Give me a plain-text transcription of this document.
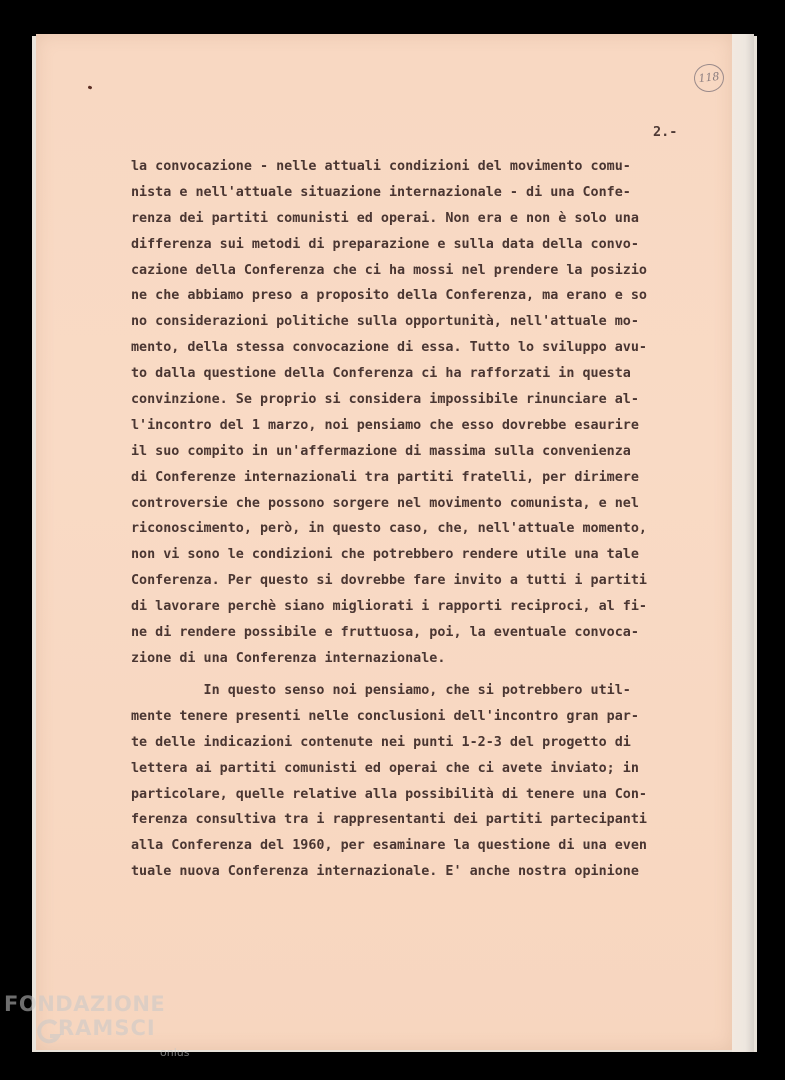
118
2.-
la convocazione - nelle attuali condizioni del movimento comu-
nista e nell'attuale situazione internazionale - di una Confe-
renza dei partiti comunisti ed operai. Non era e non è solo una
differenza sui metodi di preparazione e sulla data della convo-
cazione della Conferenza che ci ha mossi nel prendere la posizio
ne che abbiamo preso a proposito della Conferenza, ma erano e so
no considerazioni politiche sulla opportunità, nell'attuale mo-
mento, della stessa convocazione di essa. Tutto lo sviluppo avu-
to dalla questione della Conferenza ci ha rafforzati in questa
convinzione. Se proprio si considera impossibile rinunciare al-
l'incontro del 1 marzo, noi pensiamo che esso dovrebbe esaurire
il suo compito in un'affermazione di massima sulla convenienza
di Conferenze internazionali tra partiti fratelli, per dirimere
controversie che possono sorgere nel movimento comunista, e nel
riconoscimento, però, in questo caso, che, nell'attuale momento,
non vi sono le condizioni che potrebbero rendere utile una tale
Conferenza. Per questo si dovrebbe fare invito a tutti i partiti
di lavorare perchè siano migliorati i rapporti reciproci, al fi-
ne di rendere possibile e fruttuosa, poi, la eventuale convoca-
zione di una Conferenza internazionale.
In questo senso noi pensiamo, che si potrebbero util-
mente tenere presenti nelle conclusioni dell'incontro gran par-
te delle indicazioni contenute nei punti 1-2-3 del progetto di
lettera ai partiti comunisti ed operai che ci avete inviato; in
particolare, quelle relative alla possibilità di tenere una Con-
ferenza consultiva tra i rappresentanti dei partiti partecipanti
alla Conferenza del 1960, per esaminare la questione di una even
tuale nuova Conferenza internazionale. E' anche nostra opinione
FONDAZIONE
RAMSCI
onlus
